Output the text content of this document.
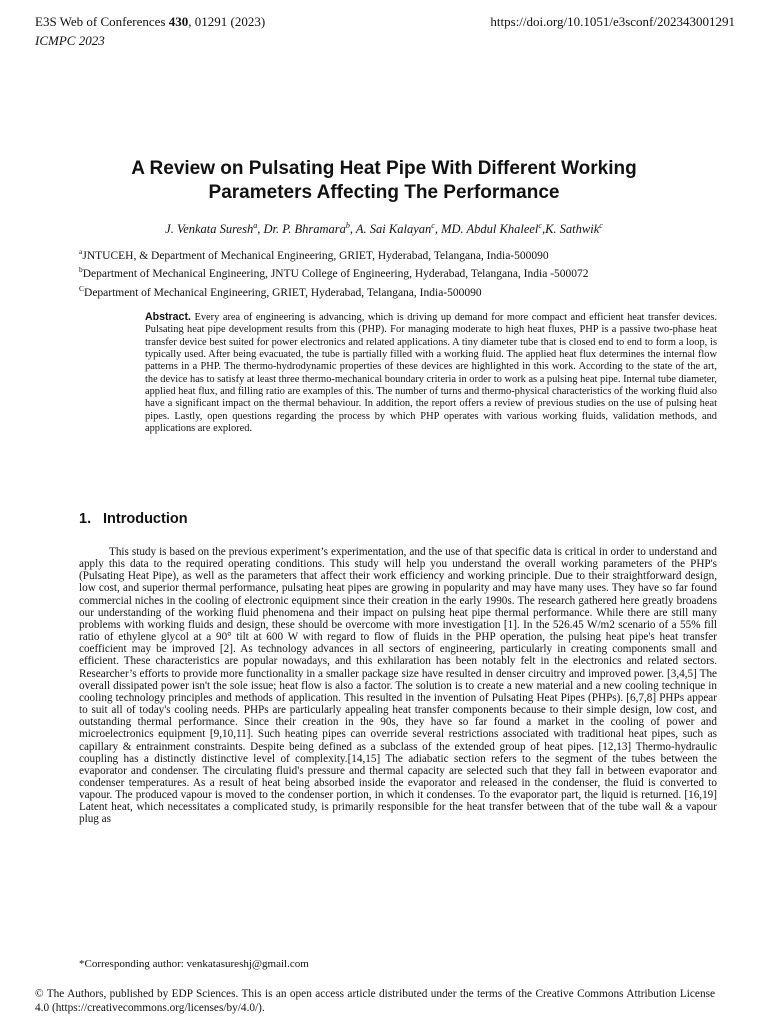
E3S Web of Conferences 430, 01291 (2023)
ICMPC 2023
https://doi.org/10.1051/e3sconf/202343001291
A Review on Pulsating Heat Pipe With Different Working
Parameters Affecting The Performance
J. Venkata Suresh$^a$, Dr. P. Bhramara$^b$, A. Sai Kalayan$^c$, MD. Abdul Khaleel$^c$,K. Sathwik$^c$
$^a$JNTUCEH, & Department of Mechanical Engineering, GRIET, Hyderabad, Telangana, India-500090
$^b$Department of Mechanical Engineering, JNTU College of Engineering, Hyderabad, Telangana, India -500072
$^C$Department of Mechanical Engineering, GRIET, Hyderabad, Telangana, India-500090
Abstract. Every area of engineering is advancing, which is driving up demand for more compact and efficient heat transfer devices. Pulsating heat pipe development results from this (PHP). For managing moderate to high heat fluxes, PHP is a passive two-phase heat transfer device best suited for power electronics and related applications. A tiny diameter tube that is closed end to end to form a loop, is typically used. After being evacuated, the tube is partially filled with a working fluid. The applied heat flux determines the internal flow patterns in a PHP. The thermo-hydrodynamic properties of these devices are highlighted in this work. According to the state of the art, the device has to satisfy at least three thermo-mechanical boundary criteria in order to work as a pulsing heat pipe. Internal tube diameter, applied heat flux, and filling ratio are examples of this. The number of turns and thermo-physical characteristics of the working fluid also have a significant impact on the thermal behaviour. In addition, the report offers a review of previous studies on the use of pulsing heat pipes. Lastly, open questions regarding the process by which PHP operates with various working fluids, validation methods, and applications are explored.
1. Introduction

This study is based on the previous experiment’s experimentation, and the use of that specific data is critical in order to understand and apply this data to the required operating conditions. This study will help you understand the overall working parameters of the PHP's (Pulsating Heat Pipe), as well as the parameters that affect their work efficiency and working principle. Due to their straightforward design, low cost, and superior thermal performance, pulsating heat pipes are growing in popularity and may have many uses. They have so far found commercial niches in the cooling of electronic equipment since their creation in the early 1990s. The research gathered here greatly broadens our understanding of the working fluid phenomena and their impact on pulsing heat pipe thermal performance. While there are still many problems with working fluids and design, these should be overcome with more investigation [1]. In the 526.45 W/m2 scenario of a 55% fill ratio of ethylene glycol at a 90° tilt at 600 W with regard to flow of fluids in the PHP operation, the pulsing heat pipe's heat transfer coefficient may be improved [2]. As technology advances in all sectors of engineering, particularly in creating components small and efficient. These characteristics are popular nowadays, and this exhilaration has been notably felt in the electronics and related sectors. Researcher’s efforts to provide more functionality in a smaller package size have resulted in denser circuitry and improved power. [3,4,5] The overall dissipated power isn't the sole issue; heat flow is also a factor. The solution is to create a new material and a new cooling technique in cooling technology principles and methods of application. This resulted in the invention of Pulsating Heat Pipes (PHPs). [6,7,8] PHPs appear to suit all of today's cooling needs. PHPs are particularly appealing heat transfer components because to their simple design, low cost, and outstanding thermal performance. Since their creation in the 90s, they have so far found a market in the cooling of power and microelectronics equipment [9,10,11]. Such heating pipes can override several restrictions associated with traditional heat pipes, such as capillary & entrainment constraints. Despite being defined as a subclass of the extended group of heat pipes. [12,13] Thermo-hydraulic coupling has a distinctly distinctive level of complexity.[14,15] The adiabatic section refers to the segment of the tubes between the evaporator and condenser. The circulating fluid's pressure and thermal capacity are selected such that they fall in between evaporator and condenser temperatures. As a result of heat being absorbed inside the evaporator and released in the condenser, the fluid is converted to vapour. The produced vapour is moved to the condenser portion, in which it condenses. To the evaporator part, the liquid is returned. [16,19] Latent heat, which necessitates a complicated study, is primarily responsible for the heat transfer between that of the tube wall & a vapour plug as

*Corresponding author: venkatasureshj@gmail.com
© The Authors, published by EDP Sciences. This is an open access article distributed under the terms of the Creative Commons Attribution License 4.0 (https://creativecommons.org/licenses/by/4.0/).
